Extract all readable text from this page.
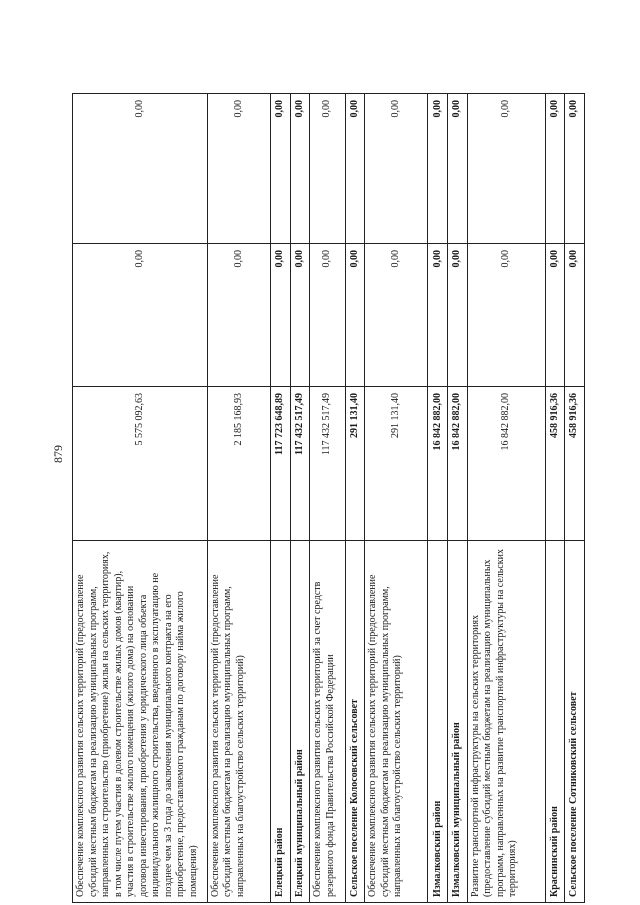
879
Обеспечение комплексного развития сельских территорий (предоставление субсидий местным бюджетам на реализацию муниципальных программ, направленных на строительство (приобретение) жилья на сельских территориях, в том числе путем участия в долевом строительстве жилых домов (квартир), участия в строительстве жилого помещения (жилого дома) на основании договора инвестирования, приобретения у юридического лица объекта индивидуального жилищного строительства, введенного в эксплуатацию не позднее чем за 3 года до заключения муниципального контракта на его приобретение, предоставляемого гражданам по договору найма жилого помещения)	5 575 092,63	0,00	0,00
Обеспечение комплексного развития сельских территорий (предоставление субсидий местным бюджетам на реализацию муниципальных программ, направленных на благоустройство сельских территорий)	2 185 168,93	0,00	0,00
Елецкий район	117 723 648,89	0,00	0,00
Елецкий муниципальный район	117 432 517,49	0,00	0,00
Обеспечение комплексного развития сельских территорий за счет средств резервного фонда Правительства Российской Федерации	117 432 517,49	0,00	0,00
Сельское поселение Колосовский сельсовет	291 131,40	0,00	0,00
Обеспечение комплексного развития сельских территорий (предоставление субсидий местным бюджетам на реализацию муниципальных программ, направленных на благоустройство сельских территорий)	291 131,40	0,00	0,00
Измалковский район	16 842 882,00	0,00	0,00
Измалковский муниципальный район	16 842 882,00	0,00	0,00
Развитие транспортной инфраструктуры на сельских территориях (предоставление субсидий местным бюджетам на реализацию муниципальных программ, направленных на развитие транспортной инфраструктуры на сельских территориях)	16 842 882,00	0,00	0,00
Краснинский район	458 916,36	0,00	0,00
Сельское поселение Сотниковский сельсовет	458 916,36	0,00	0,00
